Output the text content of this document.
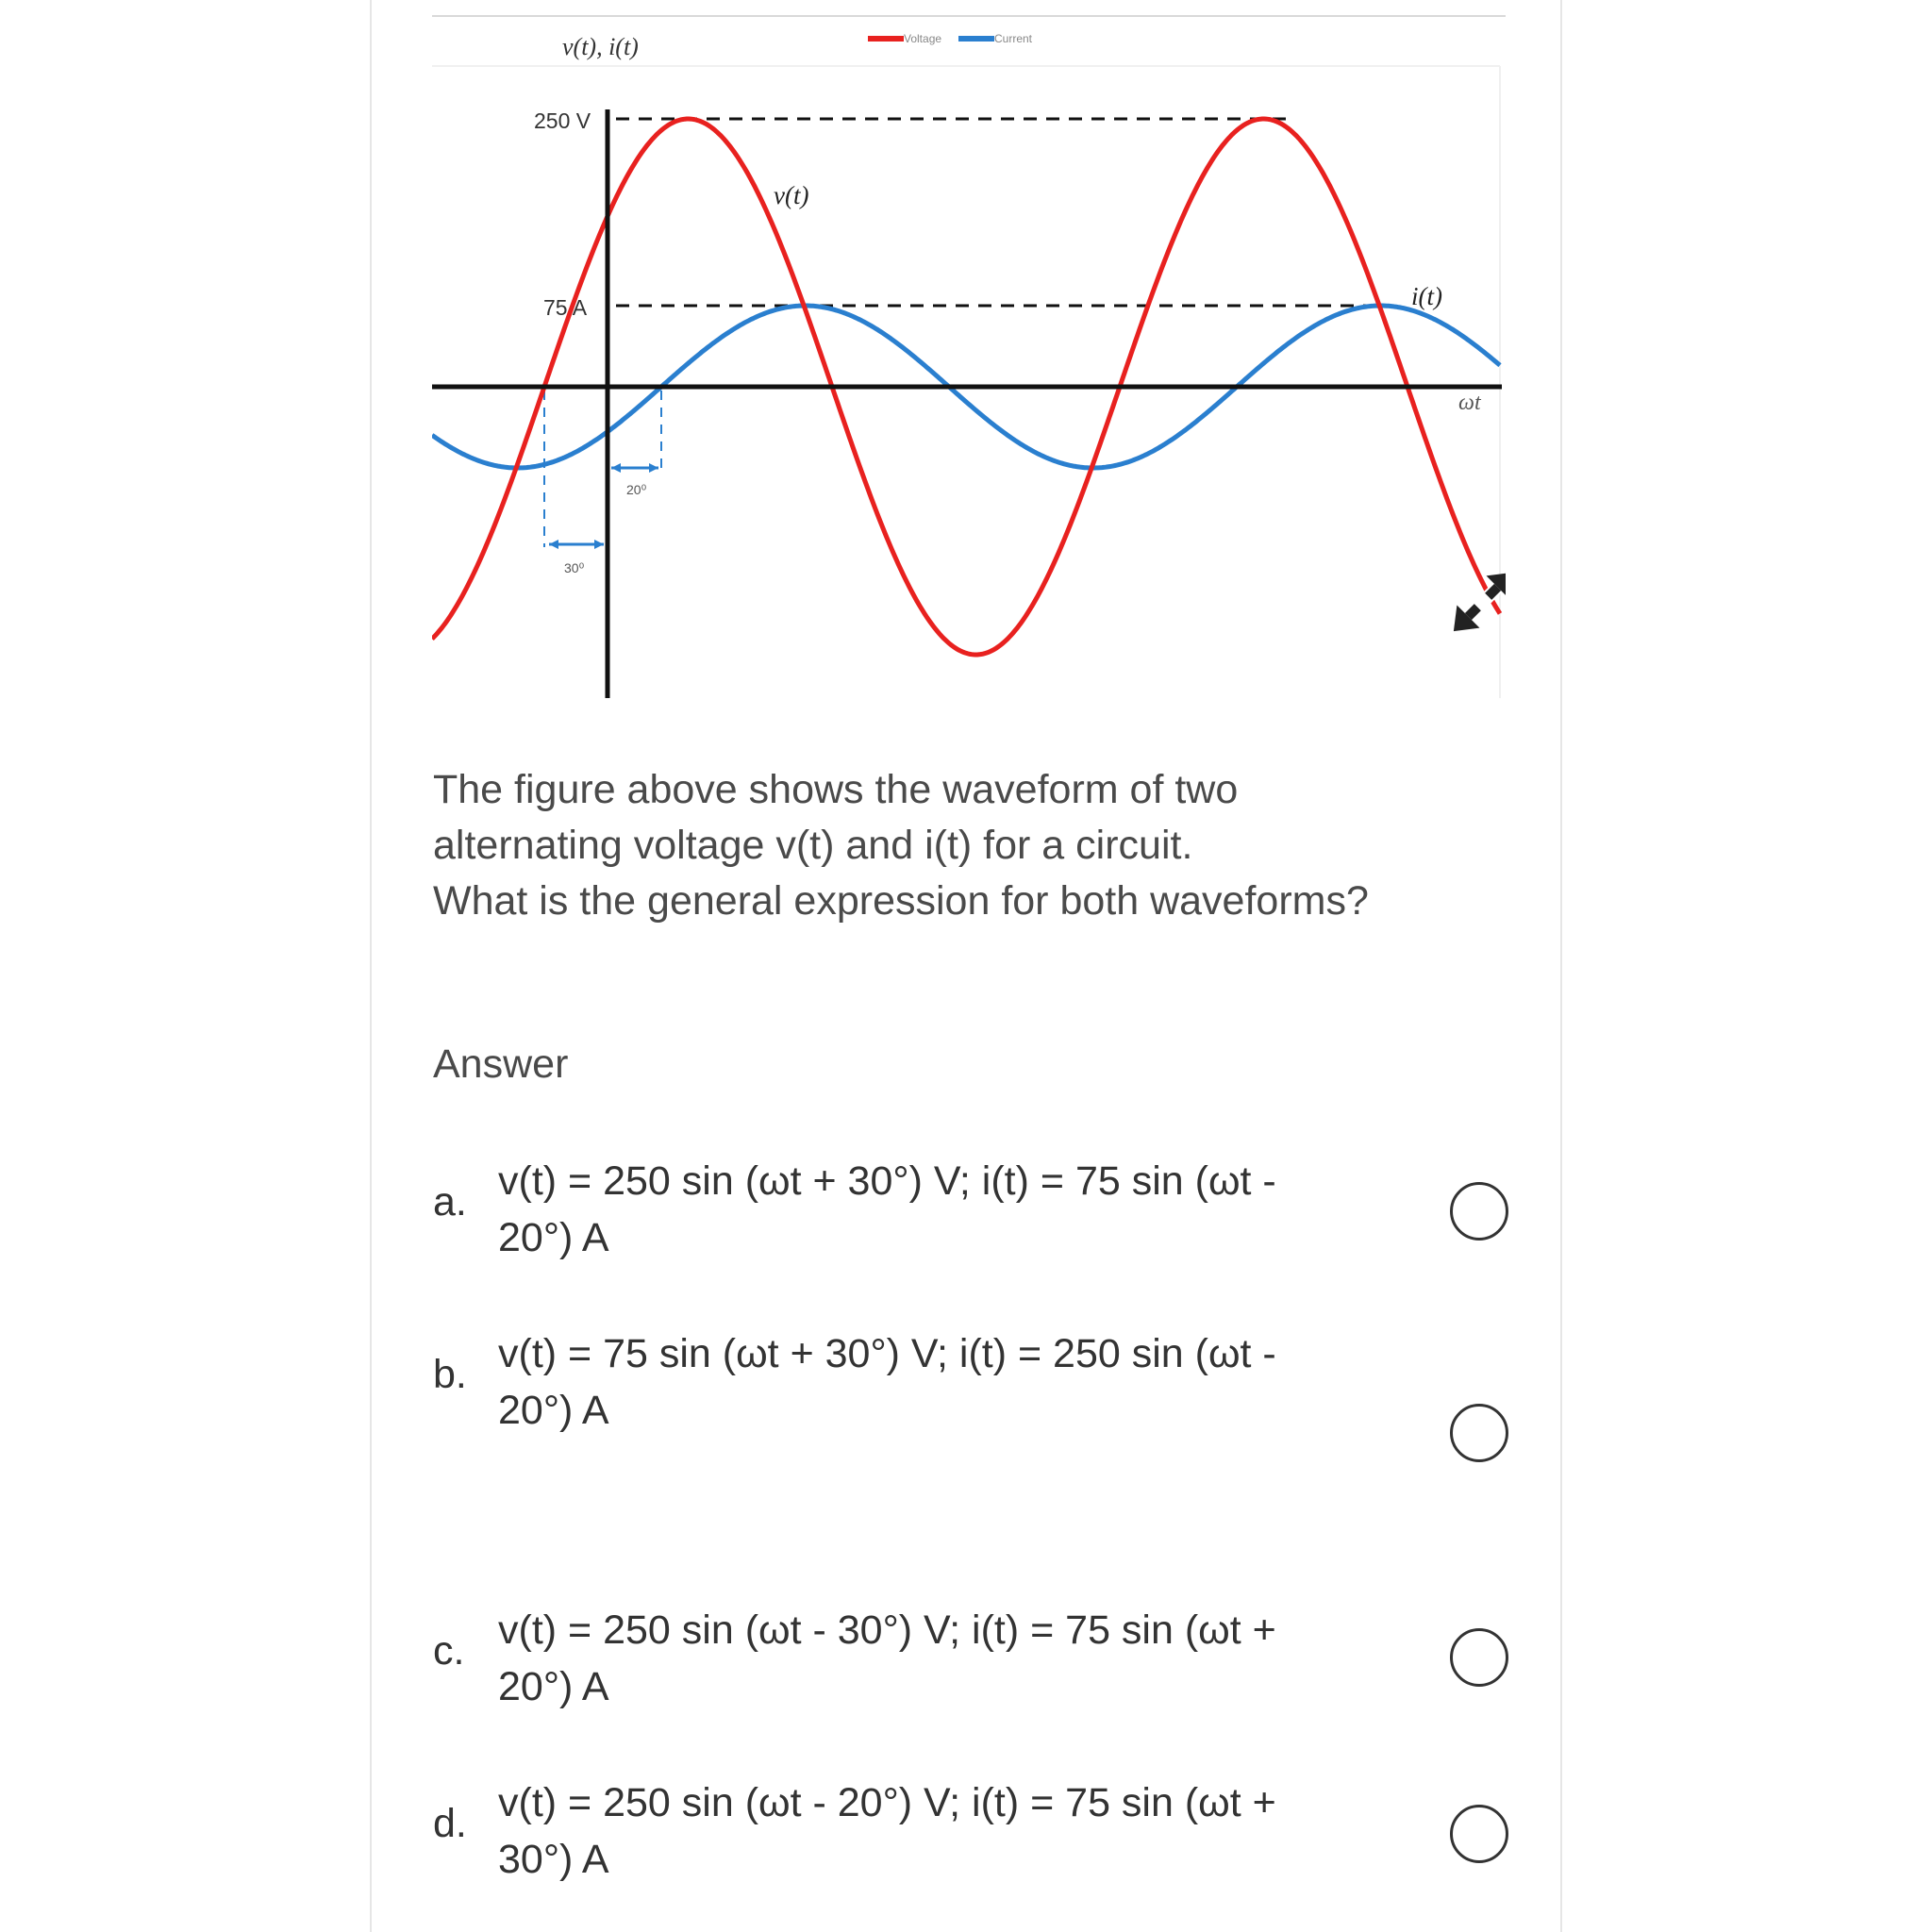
Voltage	Current
v(t), i(t)
ωt
250 V
75 A
30⁰
20⁰
v(t)
i(t)
The figure above shows the waveform of two
alternating voltage v(t) and i(t) for a circuit.
What is the general expression for both waveforms?
Answer
a. v(t) = 250 sin (ωt + 30°) V; i(t) = 75 sin (ωt -
20°) A
b. v(t) = 75 sin (ωt + 30°) V; i(t) = 250 sin (ωt -
20°) A
c. v(t) = 250 sin (ωt - 30°) V; i(t) = 75 sin (ωt +
20°) A
d. v(t) = 250 sin (ωt - 20°) V; i(t) = 75 sin (ωt +
30°) A
